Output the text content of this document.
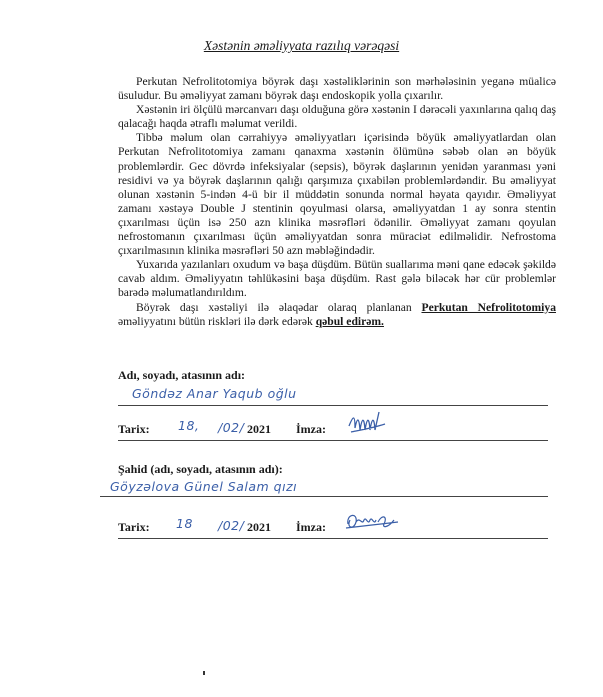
Xəstənin əməliyyata razılıq vərəqəsi

Perkutan Nefrolitotomiya böyrək daşı xəstəliklərinin son mərhələsinin yeganə müalicə üsuludur. Bu əməliyyat zamanı böyrək daşı endoskopik yolla çıxarılır.

Xəstənin iri ölçülü mərcanvarı daşı olduğuna görə xəstənin I dərəcəli yaxınlarına qalıq daş qalacağı haqda ətraflı məlumat verildi.

Tibbə məlum olan cərrahiyyə əməliyyatları içərisində böyük əməliyyatlardan olan Perkutan Nefrolitotomiya zamanı qanaxma xəstənin ölümünə səbəb olan ən böyük problemlərdir. Gec dövrdə infeksiyalar (sepsis), böyrək daşlarının yenidən yaranması yəni residivi və ya böyrək daşlarının qalığı qarşımıza çıxabilən problemlərdəndir. Bu əməliyyat olunan xəstənin 5-indən 4-ü bir il müddətin sonunda normal həyata qayıdır. Əməliyyat zamanı xəstəyə Double J stentinin qoyulmasi olarsa, əməliyyatdan 1 ay sonra stentin çıxarılması üçün isə 250 azn klinika məsrəfləri ödənilir. Əməliyyat zamanı qoyulan nefrostomanın çıxarılması üçün əməliyyatdan sonra müraciət edilməlidir. Nefrostoma çıxarılmasının klinika məsrəfləri 50 azn məbləğindədir.

Yuxarıda yazılanları oxudum və başa düşdüm. Bütün suallarıma məni qane edəcək şəkildə cavab aldım. Əməliyyatın təhlükəsini başa düşdüm. Rast gələ biləcək hər cür problemlər barədə məlumatlandırıldım.

Böyrək daşı xəstəliyi ilə əlaqədar olaraq planlanan Perkutan Nefrolitotomiya əməliyyatını bütün riskləri ilə dərk edərək qəbul edirəm.

Adı, soyadı, atasının adı:
Göndəz Anar Yaqub oğlu
Tarix: 18, /02/ 2021 İmza:
Şahid (adı, soyadı, atasının adı):
Göyzəlova Günel Salam qızı
Tarix: 18 /02/ 2021 İmza:
